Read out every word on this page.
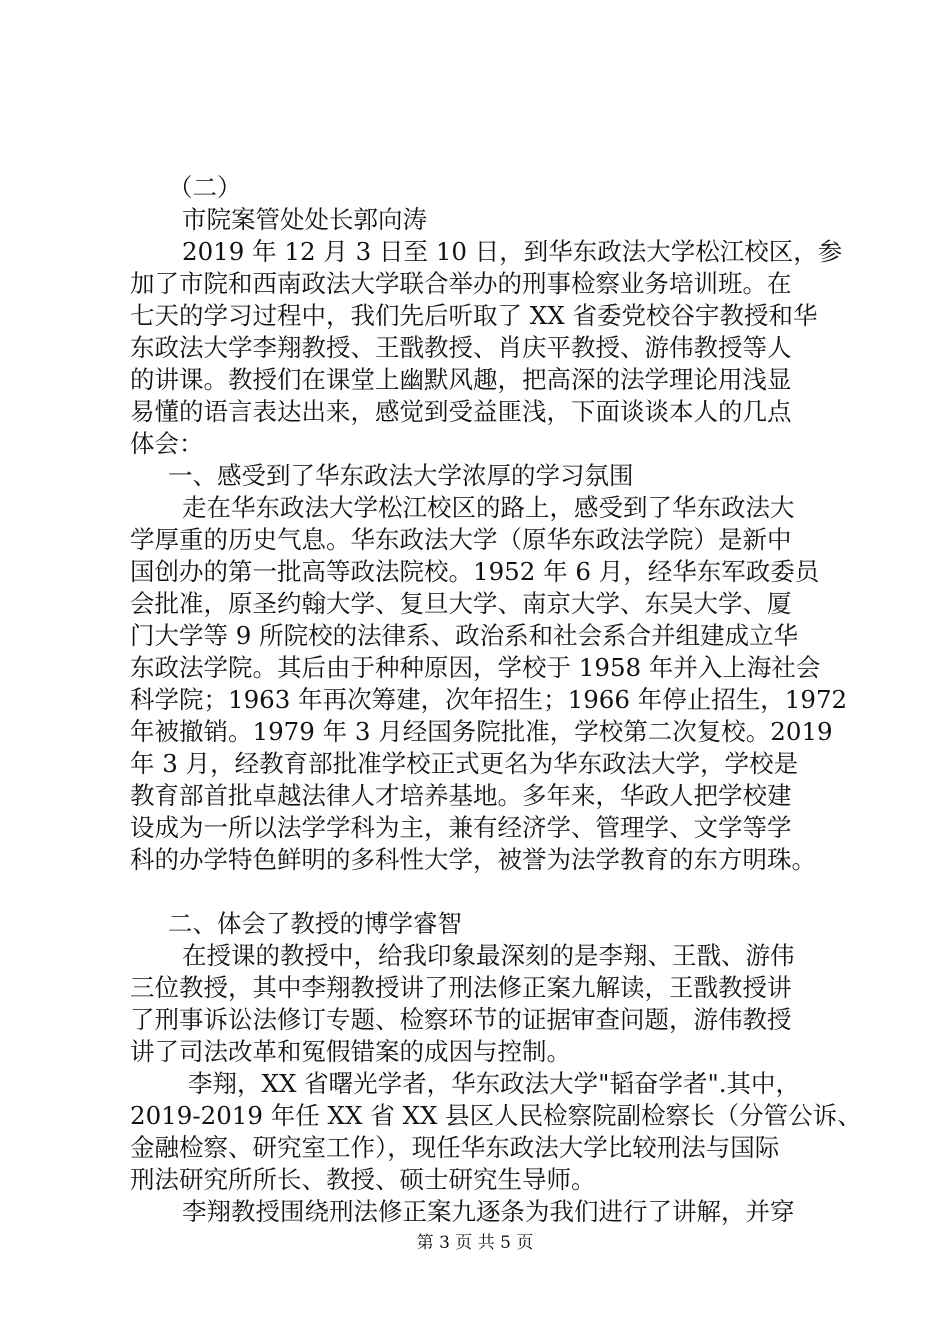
（二）
市院案管处处长郭向涛
2019 年 12 月 3 日至 10 日，到华东政法大学松江校区，参
加了市院和西南政法大学联合举办的刑事检察业务培训班。在
七天的学习过程中，我们先后听取了 XX 省委党校谷宇教授和华
东政法大学李翔教授、王戬教授、肖庆平教授、游伟教授等人
的讲课。教授们在课堂上幽默风趣，把高深的法学理论用浅显
易懂的语言表达出来，感觉到受益匪浅，下面谈谈本人的几点
体会：
一、感受到了华东政法大学浓厚的学习氛围
走在华东政法大学松江校区的路上，感受到了华东政法大
学厚重的历史气息。华东政法大学（原华东政法学院）是新中
国创办的第一批高等政法院校。1952 年 6 月，经华东军政委员
会批准，原圣约翰大学、复旦大学、南京大学、东吴大学、厦
门大学等 9 所院校的法律系、政治系和社会系合并组建成立华
东政法学院。其后由于种种原因，学校于 1958 年并入上海社会
科学院；1963 年再次筹建，次年招生；1966 年停止招生，1972
年被撤销。1979 年 3 月经国务院批准，学校第二次复校。2019
年 3 月，经教育部批准学校正式更名为华东政法大学，学校是
教育部首批卓越法律人才培养基地。多年来，华政人把学校建
设成为一所以法学学科为主，兼有经济学、管理学、文学等学
科的办学特色鲜明的多科性大学，被誉为法学教育的东方明珠。
二、体会了教授的博学睿智
在授课的教授中，给我印象最深刻的是李翔、王戬、游伟
三位教授，其中李翔教授讲了刑法修正案九解读，王戬教授讲
了刑事诉讼法修订专题、检察环节的证据审查问题，游伟教授
讲了司法改革和冤假错案的成因与控制。
李翔，XX 省曙光学者，华东政法大学"韬奋学者".其中，
2019-2019 年任 XX 省 XX 县区人民检察院副检察长（分管公诉、
金融检察、研究室工作），现任华东政法大学比较刑法与国际
刑法研究所所长、教授、硕士研究生导师。
李翔教授围绕刑法修正案九逐条为我们进行了讲解，并穿
第 3 页 共 5 页
